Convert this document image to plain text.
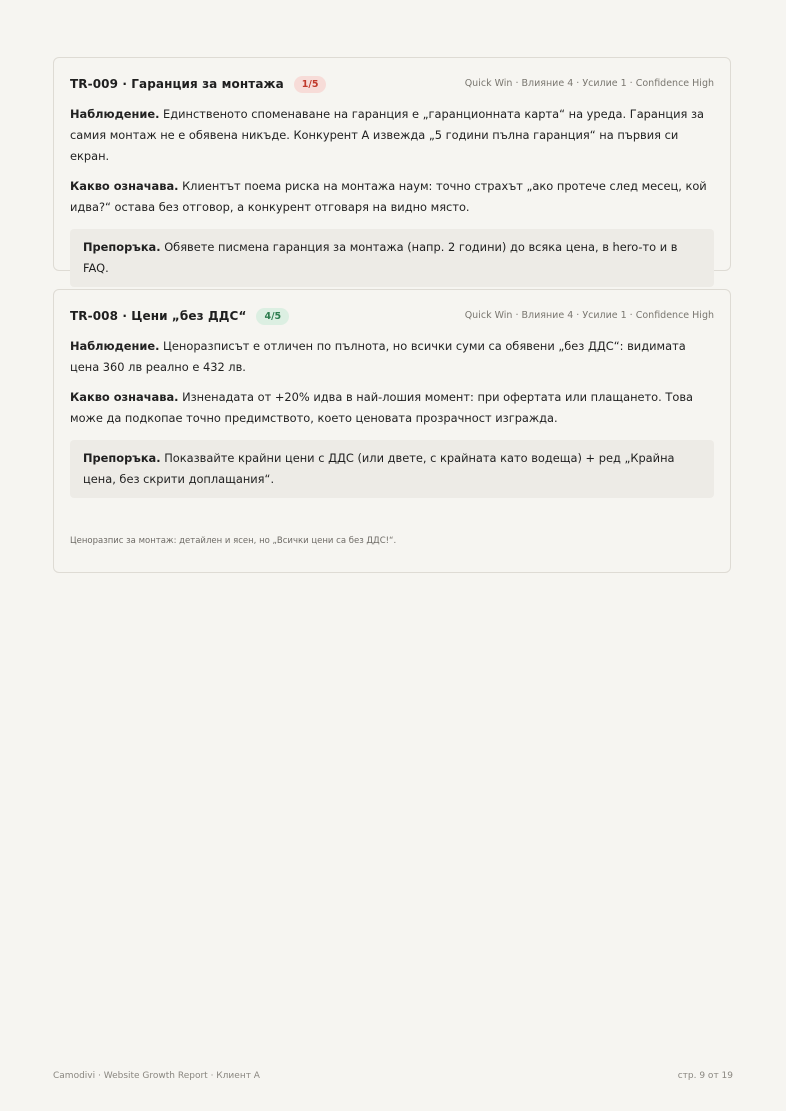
TR-009 · Гаранция за монтажа	1/5	Quick Win · Влияние 4 · Усилие 1 · Confidence High

Наблюдение. Единственото споменаване на гаранция е „гаранционната карта“ на уреда. Гаранция за самия монтаж не е обявена никъде. Конкурент A извежда „5 години пълна гаранция“ на първия си екран.

Какво означава. Клиентът поема риска на монтажа наум: точно страхът „ако протече след месец, кой идва?“ остава без отговор, а конкурент отговаря на видно място.

Препоръка. Обявете писмена гаранция за монтажа (напр. 2 години) до всяка цена, в hero-то и в FAQ.
TR-008 · Цени „без ДДС“	4/5	Quick Win · Влияние 4 · Усилие 1 · Confidence High

Наблюдение. Ценоразписът е отличен по пълнота, но всички суми са обявени „без ДДС“: видимата цена 360 лв реално е 432 лв.

Какво означава. Изненадата от +20% идва в най-лошия момент: при офертата или плащането. Това може да подкопае точно предимството, което ценовата прозрачност изгражда.

Препоръка. Показвайте крайни цени с ДДС (или двете, с крайната като водеща) + ред „Крайна цена, без скрити доплащания“.
Ценоразпис за монтаж: детайлен и ясен, но „Всички цени са без ДДС!“.
Camodivi · Website Growth Report · Клиент A	стр. 9 от 19
